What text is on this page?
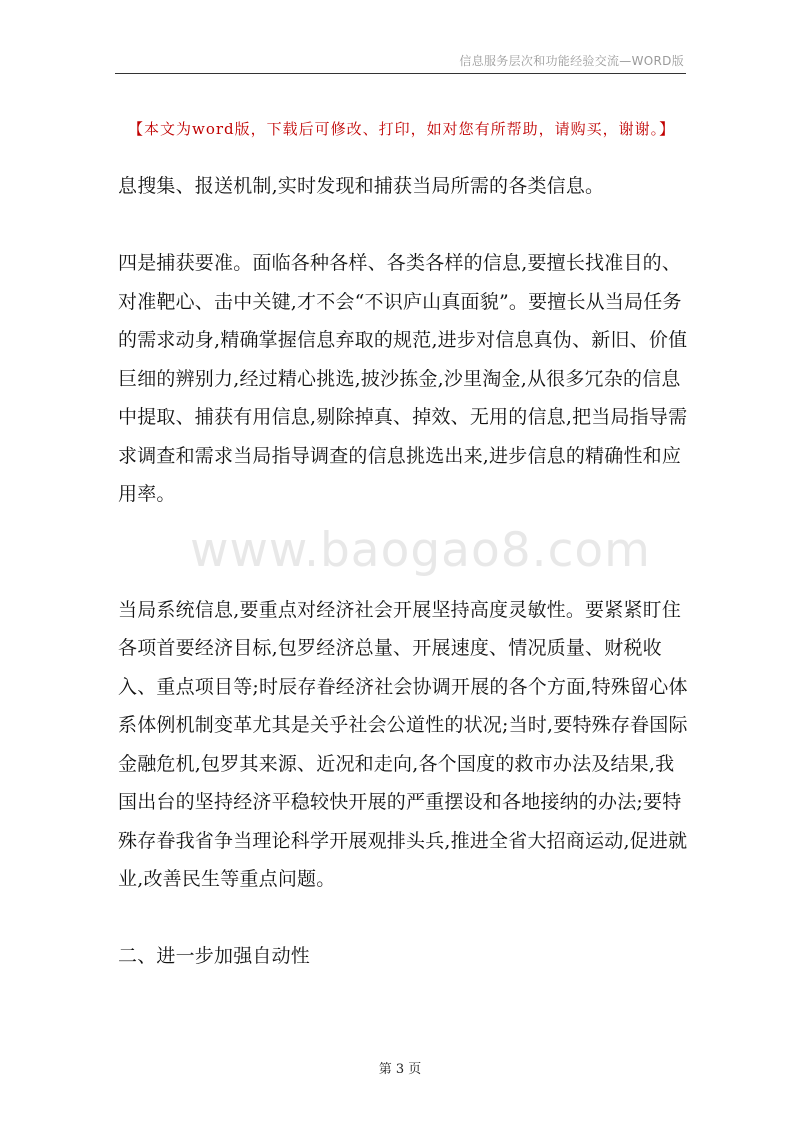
信息服务层次和功能经验交流—WORD版
【本文为word版，下载后可修改、打印，如对您有所帮助，请购买，谢谢。】

息搜集、报送机制,实时发现和捕获当局所需的各类信息。

四是捕获要准。面临各种各样、各类各样的信息,要擅长找准目的、对准靶心、击中关键,才不会“不识庐山真面貌”。要擅长从当局任务的需求动身,精确掌握信息弃取的规范,进步对信息真伪、新旧、价值巨细的辨别力,经过精心挑选,披沙拣金,沙里淘金,从很多冗杂的信息中提取、捕获有用信息,剔除掉真、掉效、无用的信息,把当局指导需求调查和需求当局指导调查的信息挑选出来,进步信息的精确性和应用率。

当局系统信息,要重点对经济社会开展坚持高度灵敏性。要紧紧盯住各项首要经济目标,包罗经济总量、开展速度、情况质量、财税收入、重点项目等;时辰存眷经济社会协调开展的各个方面,特殊留心体系体例机制变革尤其是关乎社会公道性的状况;当时,要特殊存眷国际金融危机,包罗其来源、近况和走向,各个国度的救市办法及结果,我国出台的坚持经济平稳较快开展的严重摆设和各地接纳的办法;要特殊存眷我省争当理论科学开展观排头兵,推进全省大招商运动,促进就业,改善民生等重点问题。

二、进一步加强自动性

www.baogao8.com
第 3 页
